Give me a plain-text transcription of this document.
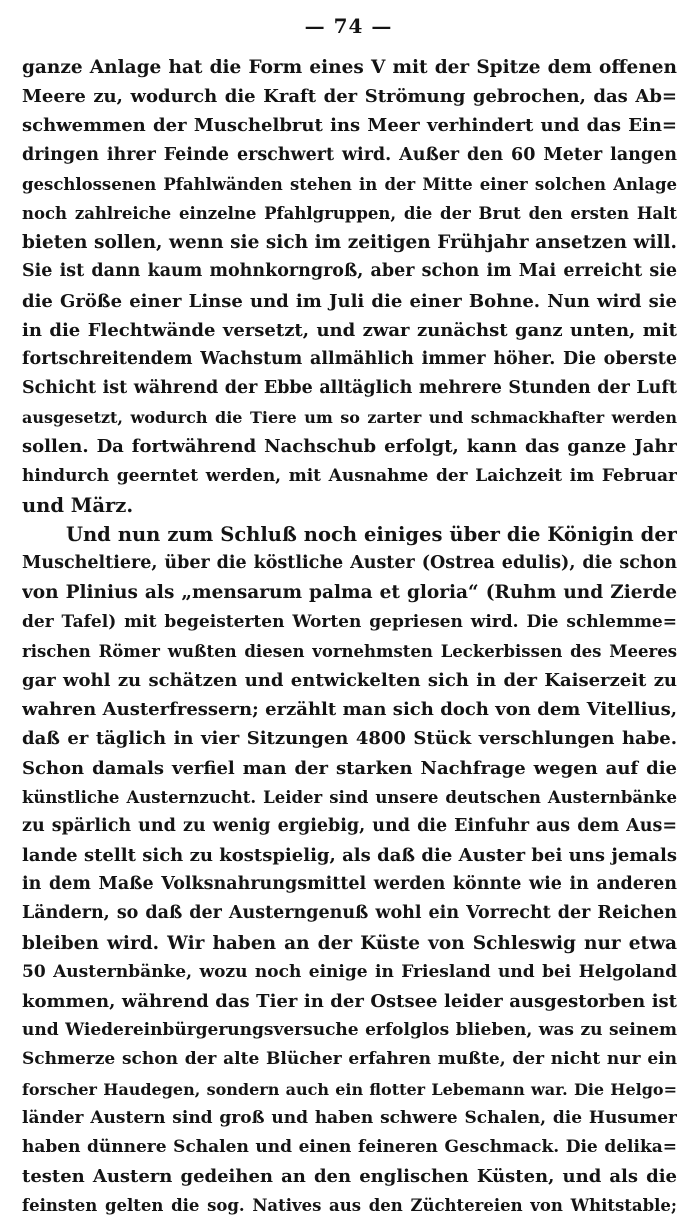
— 74 —
ganze Anlage hat die Form eines V mit der Spitze dem offenen
Meere zu, wodurch die Kraft der Strömung gebrochen, das Ab=
schwemmen der Muschelbrut ins Meer verhindert und das Ein=
dringen ihrer Feinde erschwert wird. Außer den 60 Meter langen
geschlossenen Pfahlwänden stehen in der Mitte einer solchen Anlage
noch zahlreiche einzelne Pfahlgruppen, die der Brut den ersten Halt
bieten sollen, wenn sie sich im zeitigen Frühjahr ansetzen will.
Sie ist dann kaum mohnkorngroß, aber schon im Mai erreicht sie
die Größe einer Linse und im Juli die einer Bohne. Nun wird sie
in die Flechtwände versetzt, und zwar zunächst ganz unten, mit
fortschreitendem Wachstum allmählich immer höher. Die oberste
Schicht ist während der Ebbe alltäglich mehrere Stunden der Luft
ausgesetzt, wodurch die Tiere um so zarter und schmackhafter werden
sollen. Da fortwährend Nachschub erfolgt, kann das ganze Jahr
hindurch geerntet werden, mit Ausnahme der Laichzeit im Februar
und März.
Und nun zum Schluß noch einiges über die Königin der
Muscheltiere, über die köstliche Auster (Ostrea edulis), die schon
von Plinius als „mensarum palma et gloria“ (Ruhm und Zierde
der Tafel) mit begeisterten Worten gepriesen wird. Die schlemme=
rischen Römer wußten diesen vornehmsten Leckerbissen des Meeres
gar wohl zu schätzen und entwickelten sich in der Kaiserzeit zu
wahren Austerfressern; erzählt man sich doch von dem Vitellius,
daß er täglich in vier Sitzungen 4800 Stück verschlungen habe.
Schon damals verfiel man der starken Nachfrage wegen auf die
künstliche Austernzucht. Leider sind unsere deutschen Austernbänke
zu spärlich und zu wenig ergiebig, und die Einfuhr aus dem Aus=
lande stellt sich zu kostspielig, als daß die Auster bei uns jemals
in dem Maße Volksnahrungsmittel werden könnte wie in anderen
Ländern, so daß der Austerngenuß wohl ein Vorrecht der Reichen
bleiben wird. Wir haben an der Küste von Schleswig nur etwa
50 Austernbänke, wozu noch einige in Friesland und bei Helgoland
kommen, während das Tier in der Ostsee leider ausgestorben ist
und Wiedereinbürgerungsversuche erfolglos blieben, was zu seinem
Schmerze schon der alte Blücher erfahren mußte, der nicht nur ein
forscher Haudegen, sondern auch ein flotter Lebemann war. Die Helgo=
länder Austern sind groß und haben schwere Schalen, die Husumer
haben dünnere Schalen und einen feineren Geschmack. Die delika=
testen Austern gedeihen an den englischen Küsten, und als die
feinsten gelten die sog. Natives aus den Züchtereien von Whitstable;
